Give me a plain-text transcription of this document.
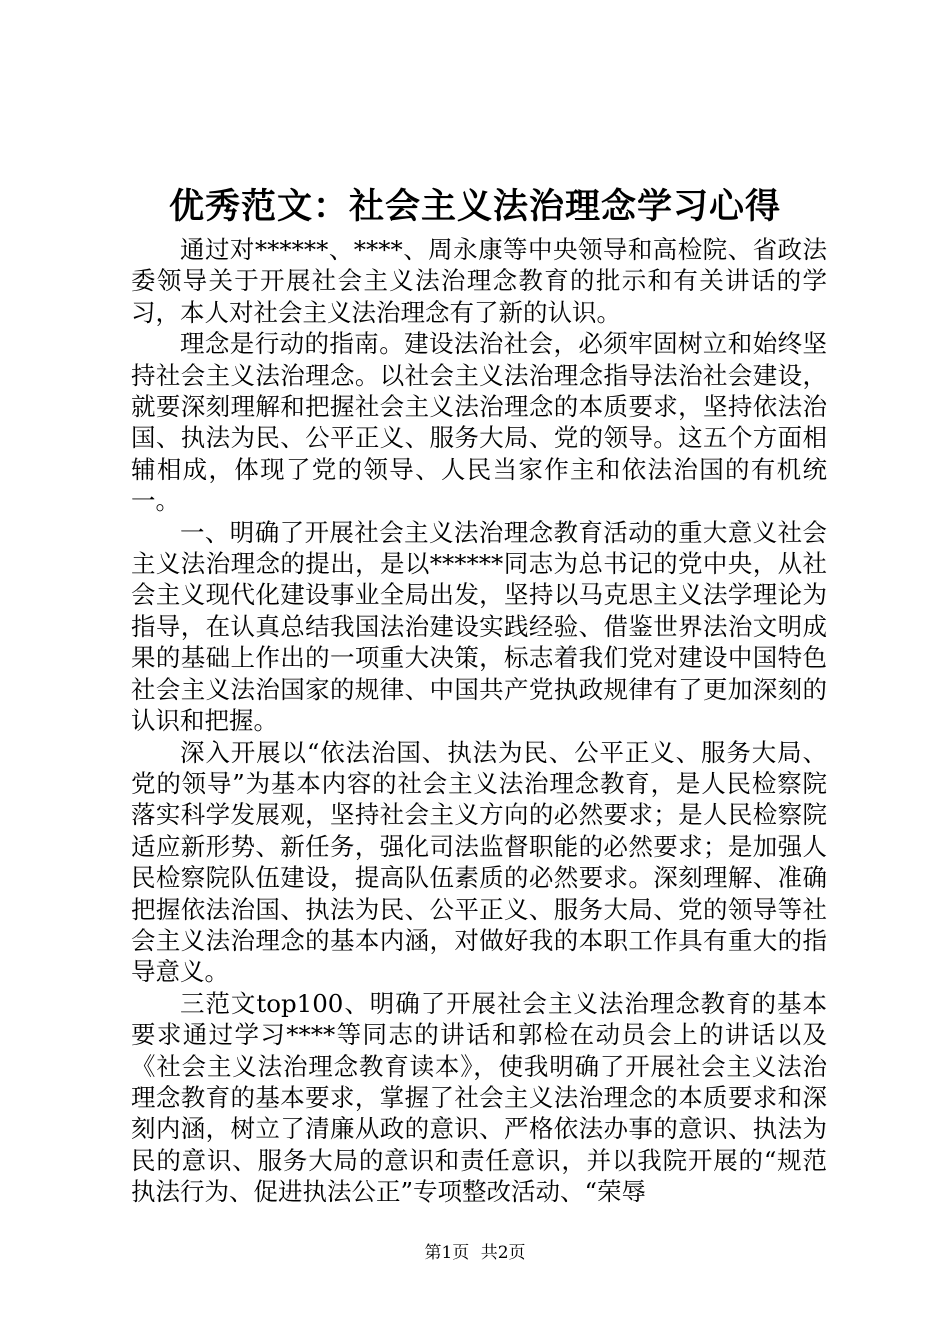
优秀范文：社会主义法治理念学习心得

通过对******、****、周永康等中央领导和高检院、省政法委领导关于开展社会主义法治理念教育的批示和有关讲话的学习，本人对社会主义法治理念有了新的认识。

理念是行动的指南。建设法治社会，必须牢固树立和始终坚持社会主义法治理念。以社会主义法治理念指导法治社会建设，就要深刻理解和把握社会主义法治理念的本质要求，坚持依法治国、执法为民、公平正义、服务大局、党的领导。这五个方面相辅相成，体现了党的领导、人民当家作主和依法治国的有机统一。

一、明确了开展社会主义法治理念教育活动的重大意义社会主义法治理念的提出，是以******同志为总书记的党中央，从社会主义现代化建设事业全局出发，坚持以马克思主义法学理论为指导，在认真总结我国法治建设实践经验、借鉴世界法治文明成果的基础上作出的一项重大决策，标志着我们党对建设中国特色社会主义法治国家的规律、中国共产党执政规律有了更加深刻的认识和把握。

深入开展以“依法治国、执法为民、公平正义、服务大局、党的领导”为基本内容的社会主义法治理念教育，是人民检察院落实科学发展观，坚持社会主义方向的必然要求；是人民检察院适应新形势、新任务，强化司法监督职能的必然要求；是加强人民检察院队伍建设，提高队伍素质的必然要求。深刻理解、准确把握依法治国、执法为民、公平正义、服务大局、党的领导等社会主义法治理念的基本内涵，对做好我的本职工作具有重大的指导意义。

三范文top100、明确了开展社会主义法治理念教育的基本要求通过学习****等同志的讲话和郭检在动员会上的讲话以及《社会主义法治理念教育读本》，使我明确了开展社会主义法治理念教育的基本要求，掌握了社会主义法治理念的本质要求和深刻内涵，树立了清廉从政的意识、严格依法办事的意识、执法为民的意识、服务大局的意识和责任意识，并以我院开展的“规范执法行为、促进执法公正”专项整改活动、“荣辱

第1页 共2页
